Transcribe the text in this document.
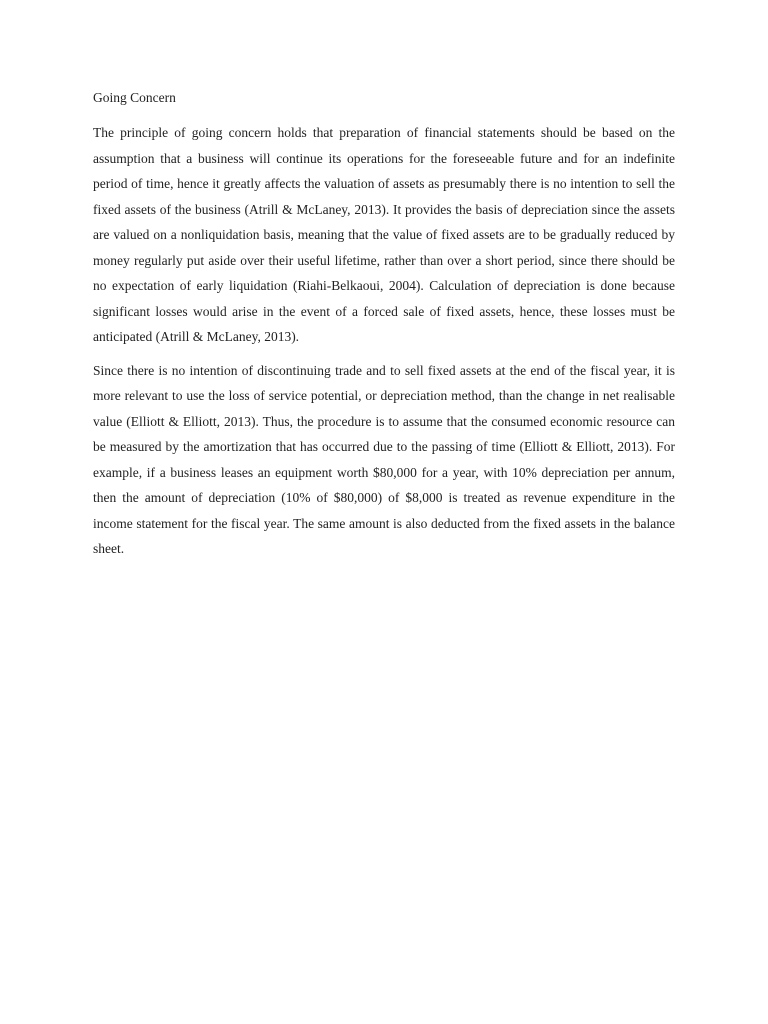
Going Concern

The principle of going concern holds that preparation of financial statements should be based on the assumption that a business will continue its operations for the foreseeable future and for an indefinite period of time, hence it greatly affects the valuation of assets as presumably there is no intention to sell the fixed assets of the business (Atrill & McLaney, 2013). It provides the basis of depreciation since the assets are valued on a nonliquidation basis, meaning that the value of fixed assets are to be gradually reduced by money regularly put aside over their useful lifetime, rather than over a short period, since there should be no expectation of early liquidation (Riahi-Belkaoui, 2004). Calculation of depreciation is done because significant losses would arise in the event of a forced sale of fixed assets, hence, these losses must be anticipated (Atrill & McLaney, 2013).

Since there is no intention of discontinuing trade and to sell fixed assets at the end of the fiscal year, it is more relevant to use the loss of service potential, or depreciation method, than the change in net realisable value (Elliott & Elliott, 2013). Thus, the procedure is to assume that the consumed economic resource can be measured by the amortization that has occurred due to the passing of time (Elliott & Elliott, 2013). For example, if a business leases an equipment worth $80,000 for a year, with 10% depreciation per annum, then the amount of depreciation (10% of $80,000) of $8,000 is treated as revenue expenditure in the income statement for the fiscal year. The same amount is also deducted from the fixed assets in the balance sheet.
